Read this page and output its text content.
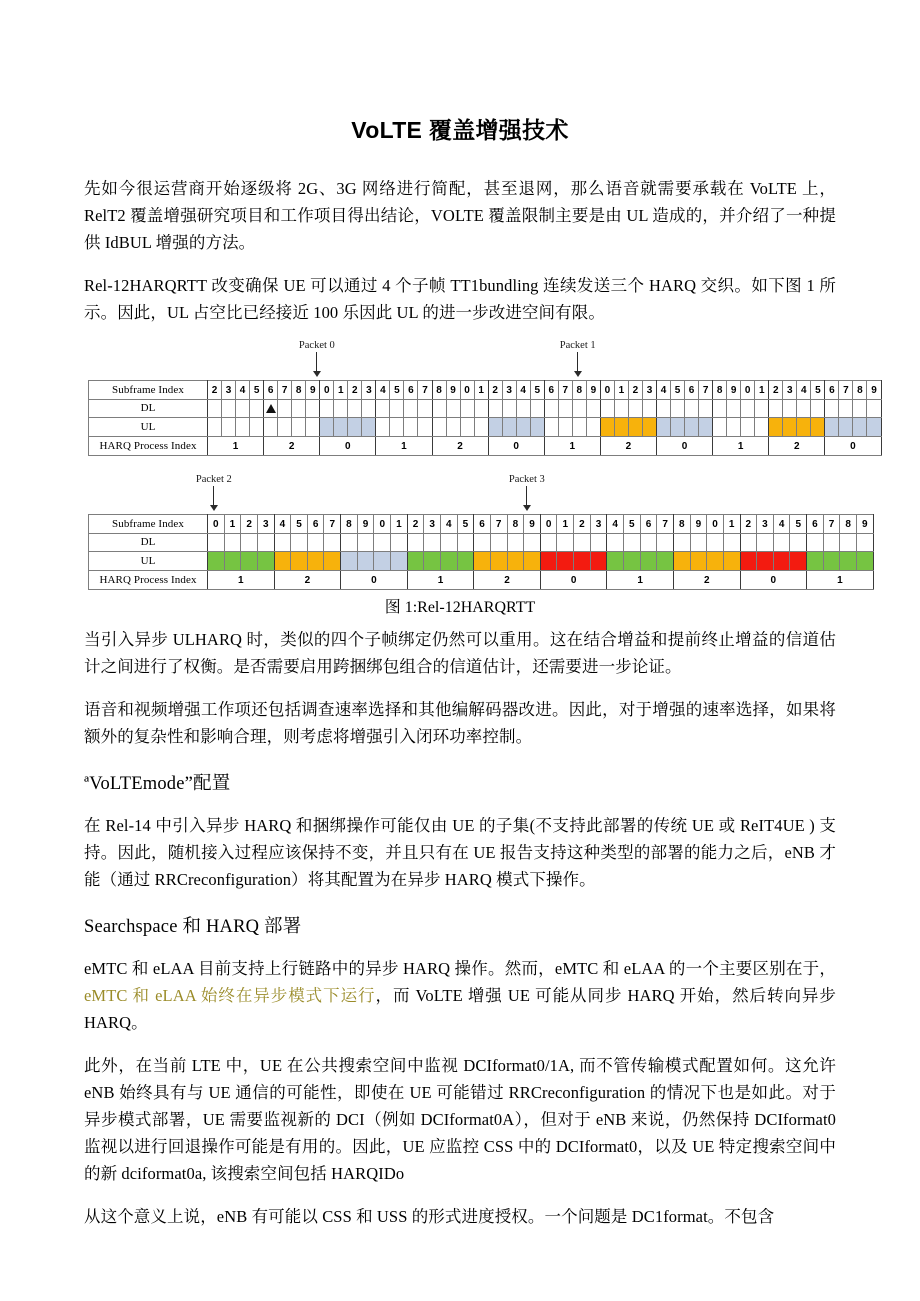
VoLTE 覆盖增强技术

先如今很运营商开始逐级将 2G、3G 网络进行简配，甚至退网，那么语音就需要承载在 VoLTE 上，RelT2 覆盖增强研究项目和工作项目得出结论，VOLTE 覆盖限制主要是由 UL 造成的，并介绍了一种提供 IdBUL 增强的方法。

Rel-12HARQRTT 改变确保 UE 可以通过 4 个子帧 TT1bundling 连续发送三个 HARQ 交织。如下图 1 所示。因此，UL 占空比已经接近 100 乐因此 UL 的进一步改进空间有限。

Packet 0	Packet 1
Subframe Index	2	3	4	5	6	7	8	9	0	1	2	3	4	5	6	7	8	9	0	1	2	3	4	5	6	7	8	9	0	1	2	3	4	5	6	7	8	9	0	1	2	3	4	5	6	7	8	9
DL																																																
UL																																																
HARQ Process Index	1				2				0				1				2				0				1				2				0				1				2				0			
Packet 2	Packet 3
Subframe Index	0	1	2	3	4	5	6	7	8	9	0	1	2	3	4	5	6	7	8	9	0	1	2	3	4	5	6	7	8	9	0	1	2	3	4	5	6	7	8	9
DL																																								
UL																																								
HARQ Process Index	1				2				0				1				2				0				1				2				0				1			

图 1:Rel-12HARQRTT

当引入异步 ULHARQ 时，类似的四个子帧绑定仍然可以重用。这在结合增益和提前终止增益的信道估计之间进行了权衡。是否需要启用跨捆绑包组合的信道估计，还需要进一步论证。

语音和视频增强工作项还包括调查速率选择和其他编解码器改进。因此，对于增强的速率选择，如果将额外的复杂性和影响合理，则考虑将增强引入闭环功率控制。

ªVoLTEmode”配置

在 Rel-14 中引入异步 HARQ 和捆绑操作可能仅由 UE 的子集(不支持此部署的传统 UE 或 ReIT4UE ) 支持。因此，随机接入过程应该保持不变，并且只有在 UE 报告支持这种类型的部署的能力之后，eNB 才能（通过 RRCreconfiguration）将其配置为在异步 HARQ 模式下操作。

Searchspace 和 HARQ 部署

eMTC 和 eLAA 目前支持上行链路中的异步 HARQ 操作。然而，eMTC 和 eLAA 的一个主要区别在于，eMTC 和 eLAA 始终在异步模式下运行，而 VoLTE 增强 UE 可能从同步 HARQ 开始，然后转向异步 HARQ。

此外，在当前 LTE 中，UE 在公共搜索空间中监视 DCIformat0/1A, 而不管传输模式配置如何。这允许 eNB 始终具有与 UE 通信的可能性，即使在 UE 可能错过 RRCreconfiguration 的情况下也是如此。对于异步模式部署，UE 需要监视新的 DCI（例如 DCIformat0A），但对于 eNB 来说，仍然保持 DCIformat0 监视以进行回退操作可能是有用的。因此，UE 应监控 CSS 中的 DCIformat0，以及 UE 特定搜索空间中的新 dciformat0a, 该搜索空间包括 HARQIDo

从这个意义上说，eNB 有可能以 CSS 和 USS 的形式进度授权。一个问题是 DC1format。不包含
